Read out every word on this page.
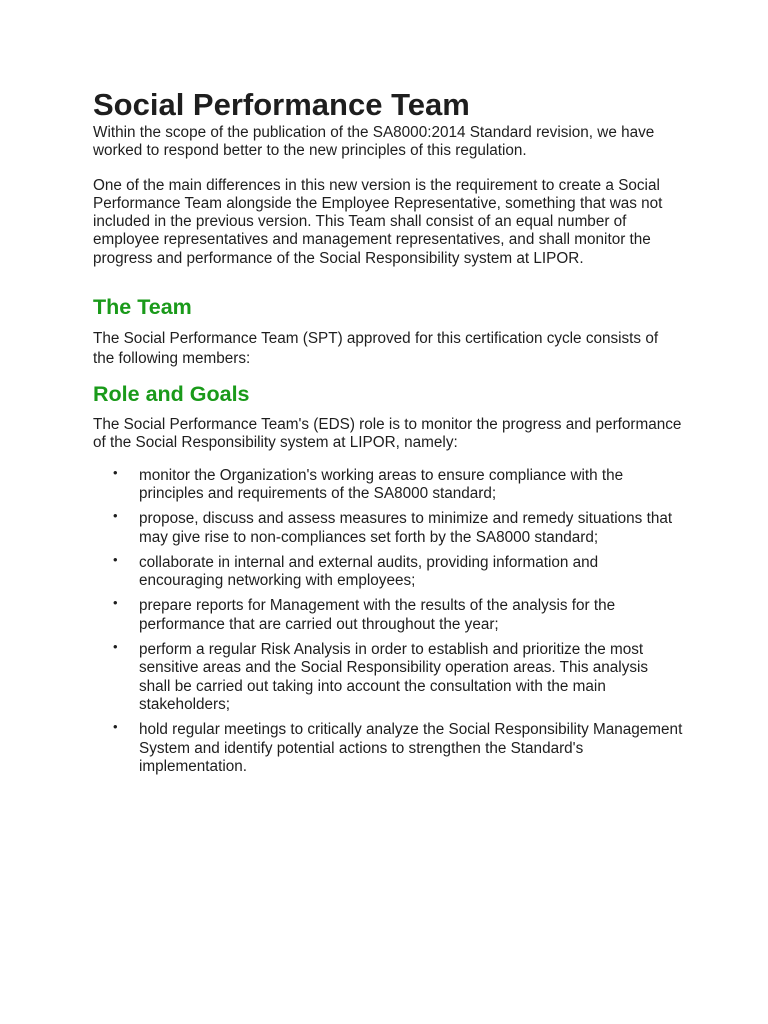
Social Performance Team

Within the scope of the publication of the SA8000:2014 Standard revision, we have worked to respond better to the new principles of this regulation.

One of the main differences in this new version is the requirement to create a Social Performance Team alongside the Employee Representative, something that was not included in the previous version. This Team shall consist of an equal number of employee representatives and management representatives, and shall monitor the progress and performance of the Social Responsibility system at LIPOR.

The Team

The Social Performance Team (SPT) approved for this certification cycle consists of the following members:

Role and Goals

The Social Performance Team's (EDS) role is to monitor the progress and performance of the Social Responsibility system at LIPOR, namely:

• monitor the Organization's working areas to ensure compliance with the principles and requirements of the SA8000 standard;
• propose, discuss and assess measures to minimize and remedy situations that may give rise to non-compliances set forth by the SA8000 standard;
• collaborate in internal and external audits, providing information and encouraging networking with employees;
• prepare reports for Management with the results of the analysis for the performance that are carried out throughout the year;
• perform a regular Risk Analysis in order to establish and prioritize the most sensitive areas and the Social Responsibility operation areas. This analysis shall be carried out taking into account the consultation with the main stakeholders;
• hold regular meetings to critically analyze the Social Responsibility Management System and identify potential actions to strengthen the Standard's implementation.
